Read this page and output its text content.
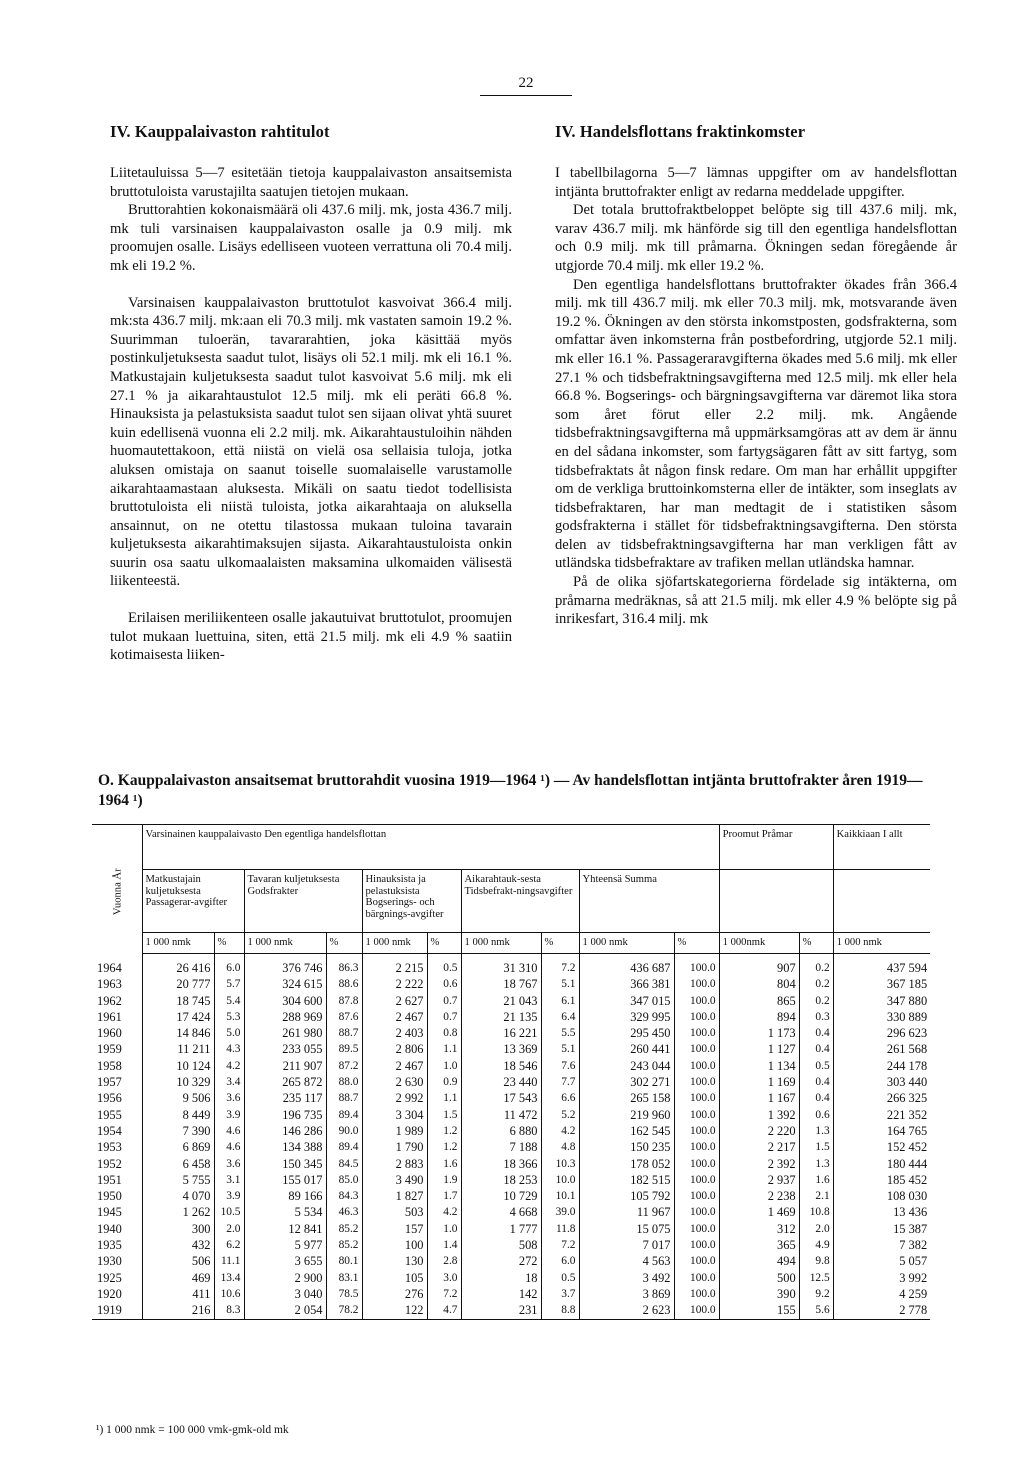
22
IV. Kauppalaivaston rahtitulot

Liitetauluissa 5—7 esitetään tietoja kauppalaivaston ansaitsemista bruttotuloista varustajilta saatujen tietojen mukaan.

Bruttorahtien kokonaismäärä oli 437.6 milj. mk, josta 436.7 milj. mk tuli varsinaisen kauppalaivaston osalle ja 0.9 milj. mk proomujen osalle. Lisäys edelliseen vuoteen verrattuna oli 70.4 milj. mk eli 19.2 %.

Varsinaisen kauppalaivaston bruttotulot kasvoivat 366.4 milj. mk:sta 436.7 milj. mk:aan eli 70.3 milj. mk vastaten samoin 19.2 %. Suurimman tuloerän, tavararahtien, joka käsittää myös postinkuljetuksesta saadut tulot, lisäys oli 52.1 milj. mk eli 16.1 %. Matkustajain kuljetuksesta saadut tulot kasvoivat 5.6 milj. mk eli 27.1 % ja aikarahtaustulot 12.5 milj. mk eli peräti 66.8 %. Hinauksista ja pelastuksista saadut tulot sen sijaan olivat yhtä suuret kuin edellisenä vuonna eli 2.2 milj. mk. Aikarahtaustuloihin nähden huomautettakoon, että niistä on vielä osa sellaisia tuloja, jotka aluksen omistaja on saanut toiselle suomalaiselle varustamolle aikarahtaamastaan aluksesta. Mikäli on saatu tiedot todellisista bruttotuloista eli niistä tuloista, jotka aikarahtaaja on aluksella ansainnut, on ne otettu tilastossa mukaan tuloina tavarain kuljetuksesta aikarahtimaksujen sijasta. Aikarahtaustuloista onkin suurin osa saatu ulkomaalaisten maksamina ulkomaiden välisestä liikenteestä.

Erilaisen meriliikenteen osalle jakautuivat bruttotulot, proomujen tulot mukaan luettuina, siten, että 21.5 milj. mk eli 4.9 % saatiin kotimaisesta liiken-

IV. Handelsflottans fraktinkomster

I tabellbilagorna 5—7 lämnas uppgifter om av handelsflottan intjänta bruttofrakter enligt av redarna meddelade uppgifter.

Det totala bruttofraktbeloppet belöpte sig till 437.6 milj. mk, varav 436.7 milj. mk hänförde sig till den egentliga handelsflottan och 0.9 milj. mk till pråmarna. Ökningen sedan föregående år utgjorde 70.4 milj. mk eller 19.2 %.

Den egentliga handelsflottans bruttofrakter ökades från 366.4 milj. mk till 436.7 milj. mk eller 70.3 milj. mk, motsvarande även 19.2 %. Ökningen av den största inkomstposten, godsfrakterna, som omfattar även inkomsterna från postbefordring, utgjorde 52.1 milj. mk eller 16.1 %. Passageraravgifterna ökades med 5.6 milj. mk eller 27.1 % och tidsbefraktningsavgifterna med 12.5 milj. mk eller hela 66.8 %. Bogserings- och bärgningsavgifterna var däremot lika stora som året förut eller 2.2 milj. mk. Angående tidsbefraktningsavgifterna må uppmärksamgöras att av dem är ännu en del sådana inkomster, som fartygsägaren fått av sitt fartyg, som tidsbefraktats åt någon finsk redare. Om man har erhållit uppgifter om de verkliga bruttoinkomsterna eller de intäkter, som inseglats av tidsbefraktaren, har man medtagit de i statistiken såsom godsfrakterna i stället för tidsbefraktningsavgifterna. Den största delen av tidsbefraktningsavgifterna har man verkligen fått av utländska tidsbefraktare av trafiken mellan utländska hamnar.

På de olika sjöfartskategorierna fördelade sig intäkterna, om pråmarna medräknas, så att 21.5 milj. mk eller 4.9 % belöpte sig på inrikesfart, 316.4 milj. mk

O. Kauppalaivaston ansaitsemat bruttorahdit vuosina 1919—1964 ¹) — Av handelsflottan intjänta bruttofrakter åren 1919—1964 ¹)

Vuonna År	Varsinainen kauppalaivasto Den egentliga handelsflottan										Proomut Pråmar		Kaikkiaan I allt
	Matkustajain kuljetuksesta Passagerar-avgifter		Tavaran kuljetuksesta Godsfrakter		Hinauksista ja pelastuksista Bogserings- och bärgnings-avgifter		Aikarahtauk-sesta Tidsbefrakt-ningsavgifter		Yhteensä Summa				
	1 000 nmk	%	1 000 nmk	%	1 000 nmk	%	1 000 nmk	%	1 000 nmk	%	1 000nmk	%	1 000 nmk
1964	26 416	6.0	376 746	86.3	2 215	0.5	31 310	7.2	436 687	100.0	907	0.2	437 594
1963	20 777	5.7	324 615	88.6	2 222	0.6	18 767	5.1	366 381	100.0	804	0.2	367 185
1962	18 745	5.4	304 600	87.8	2 627	0.7	21 043	6.1	347 015	100.0	865	0.2	347 880
1961	17 424	5.3	288 969	87.6	2 467	0.7	21 135	6.4	329 995	100.0	894	0.3	330 889
1960	14 846	5.0	261 980	88.7	2 403	0.8	16 221	5.5	295 450	100.0	1 173	0.4	296 623
1959	11 211	4.3	233 055	89.5	2 806	1.1	13 369	5.1	260 441	100.0	1 127	0.4	261 568
1958	10 124	4.2	211 907	87.2	2 467	1.0	18 546	7.6	243 044	100.0	1 134	0.5	244 178
1957	10 329	3.4	265 872	88.0	2 630	0.9	23 440	7.7	302 271	100.0	1 169	0.4	303 440
1956	9 506	3.6	235 117	88.7	2 992	1.1	17 543	6.6	265 158	100.0	1 167	0.4	266 325
1955	8 449	3.9	196 735	89.4	3 304	1.5	11 472	5.2	219 960	100.0	1 392	0.6	221 352
1954	7 390	4.6	146 286	90.0	1 989	1.2	6 880	4.2	162 545	100.0	2 220	1.3	164 765
1953	6 869	4.6	134 388	89.4	1 790	1.2	7 188	4.8	150 235	100.0	2 217	1.5	152 452
1952	6 458	3.6	150 345	84.5	2 883	1.6	18 366	10.3	178 052	100.0	2 392	1.3	180 444
1951	5 755	3.1	155 017	85.0	3 490	1.9	18 253	10.0	182 515	100.0	2 937	1.6	185 452
1950	4 070	3.9	89 166	84.3	1 827	1.7	10 729	10.1	105 792	100.0	2 238	2.1	108 030
1945	1 262	10.5	5 534	46.3	503	4.2	4 668	39.0	11 967	100.0	1 469	10.8	13 436
1940	300	2.0	12 841	85.2	157	1.0	1 777	11.8	15 075	100.0	312	2.0	15 387
1935	432	6.2	5 977	85.2	100	1.4	508	7.2	7 017	100.0	365	4.9	7 382
1930	506	11.1	3 655	80.1	130	2.8	272	6.0	4 563	100.0	494	9.8	5 057
1925	469	13.4	2 900	83.1	105	3.0	18	0.5	3 492	100.0	500	12.5	3 992
1920	411	10.6	3 040	78.5	276	7.2	142	3.7	3 869	100.0	390	9.2	4 259
1919	216	8.3	2 054	78.2	122	4.7	231	8.8	2 623	100.0	155	5.6	2 778
¹) 1 000 nmk = 100 000 vmk-gmk-old mk
